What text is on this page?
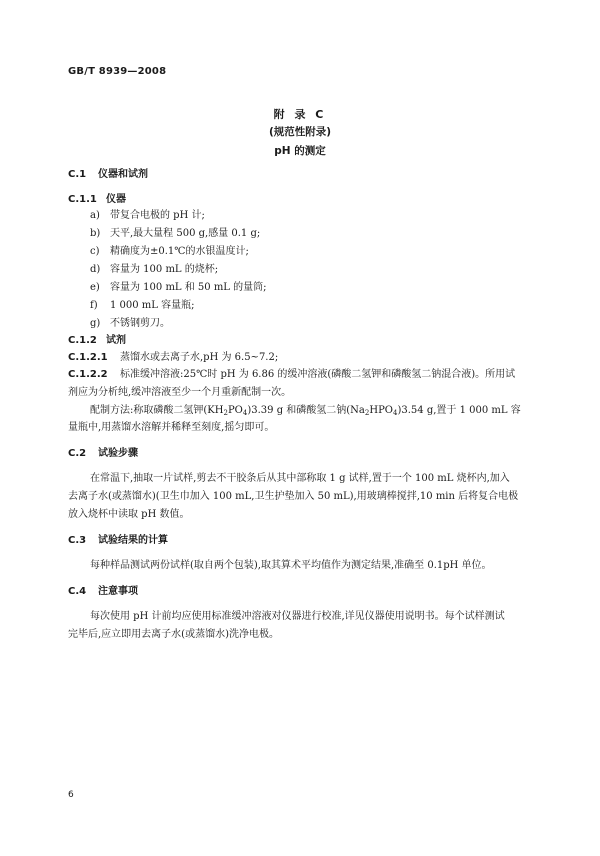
GB/T 8939—2008
附 录 C
(规范性附录)
pH 的测定
C.1 仪器和试剂
C.1.1 仪器
a) 带复合电极的 pH 计;
b) 天平,最大量程 500 g,感量 0.1 g;
c) 精确度为±0.1℃的水银温度计;
d) 容量为 100 mL 的烧杯;
e) 容量为 100 mL 和 50 mL 的量筒;
f) 1 000 mL 容量瓶;
g) 不锈钢剪刀。
C.1.2 试剂
C.1.2.1 蒸馏水或去离子水,pH 为 6.5~7.2;
C.1.2.2 标准缓冲溶液:25℃时 pH 为 6.86 的缓冲溶液(磷酸二氢钾和磷酸氢二钠混合液)。所用试
剂应为分析纯,缓冲溶液至少一个月重新配制一次。
配制方法:称取磷酸二氢钾$(KH_2PO_4)3.39$ g 和磷酸氢二钠$(Na_2HPO_4)3.54$ g,置于 1 000 mL 容
量瓶中,用蒸馏水溶解并稀释至刻度,摇匀即可。
C.2 试验步骤
在常温下,抽取一片试样,剪去不干胶条后从其中部称取 1 g 试样,置于一个 100 mL 烧杯内,加入
去离子水(或蒸馏水)(卫生巾加入 100 mL,卫生护垫加入 50 mL),用玻璃棒搅拌,10 min 后将复合电极
放入烧杯中读取 pH 数值。
C.3 试验结果的计算
每种样品测试两份试样(取自两个包装),取其算术平均值作为测定结果,准确至 0.1pH 单位。
C.4 注意事项
每次使用 pH 计前均应使用标准缓冲溶液对仪器进行校准,详见仪器使用说明书。每个试样测试
完毕后,应立即用去离子水(或蒸馏水)洗净电极。
6
